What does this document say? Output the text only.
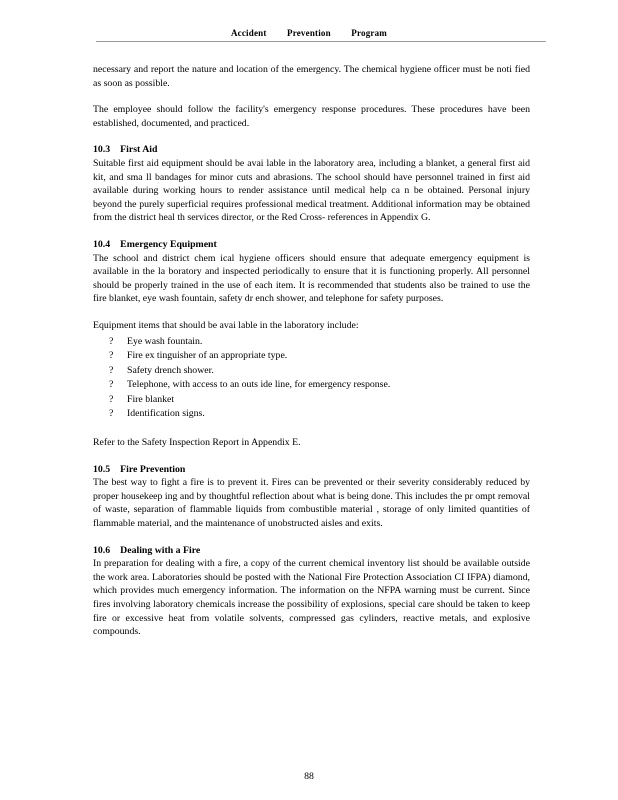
Accident Prevention Program

necessary and report the nature and location of the emergency. The chemical hygiene officer must be noti fied as soon as possible.

The employee should follow the facility's emergency response procedures. These procedures have been established, documented, and practiced.

10.3 First Aid

Suitable first aid equipment should be avai lable in the laboratory area, including a blanket, a general first aid kit, and sma ll bandages for minor cuts and abrasions. The school should have personnel trained in first aid available during working hours to render assistance until medical help ca n be obtained. Personal injury beyond the purely superficial requires professional medical treatment. Additional information may be obtained from the district heal th services director, or the Red Cross- references in Appendix G.

10.4 Emergency Equipment

The school and district chem ical hygiene officers should ensure that adequate emergency equipment is available in the la boratory and inspected periodically to ensure that it is functioning properly. All personnel should be properly trained in the use of each item. It is recommended that students also be trained to use the fire blanket, eye wash fountain, safety dr ench shower, and telephone for safety purposes.

Equipment items that should be avai lable in the laboratory include:

? Eye wash fountain.
? Fire ex tinguisher of an appropriate type.
? Safety drench shower.
? Telephone, with access to an outs ide line, for emergency response.
? Fire blanket
? Identification signs.

Refer to the Safety Inspection Report in Appendix E.

10.5 Fire Prevention

The best way to fight a fire is to prevent it. Fires can be prevented or their severity considerably reduced by proper housekeep ing and by thoughtful reflection about what is being done. This includes the pr ompt removal of waste, separation of flammable liquids from combustible material , storage of only limited quantities of flammable material, and the maintenance of unobstructed aisles and exits.

10.6 Dealing with a Fire

In preparation for dealing with a fire, a copy of the current chemical inventory list should be available outside the work area. Laboratories should be posted with the National Fire Protection Association CI IFPA) diamond, which provides much emergency information. The information on the NFPA warning must be current. Since fires involving laboratory chemicals increase the possibility of explosions, special care should be taken to keep fire or excessive heat from volatile solvents, compressed gas cylinders, reactive metals, and explosive compounds.

88
